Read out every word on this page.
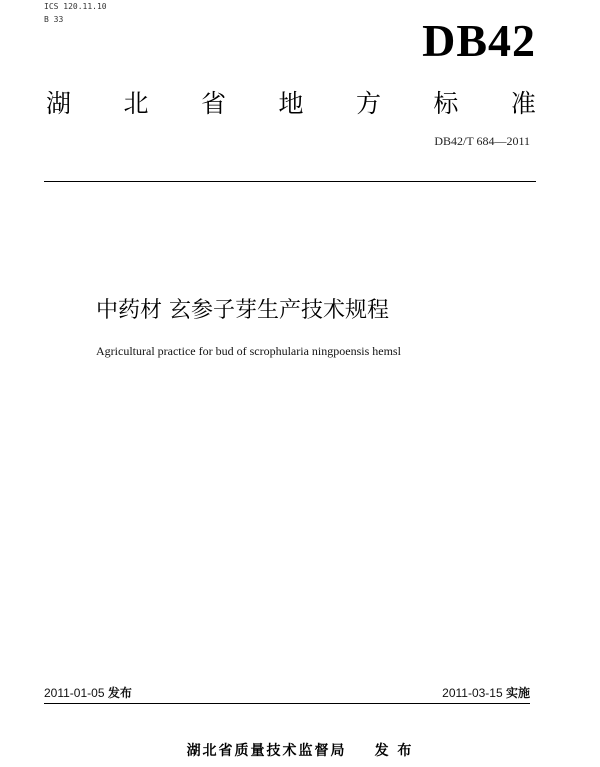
ICS 120.11.10
B 33	DB42
湖 北 省 地 方 标 准
DB42/T 684—2011
中药材 玄参子芽生产技术规程
Agricultural practice for bud of scrophularia ningpoensis hemsl
2011-01-05 发布	2011-03-15 实施
湖北省质量技术监督局 发 布
